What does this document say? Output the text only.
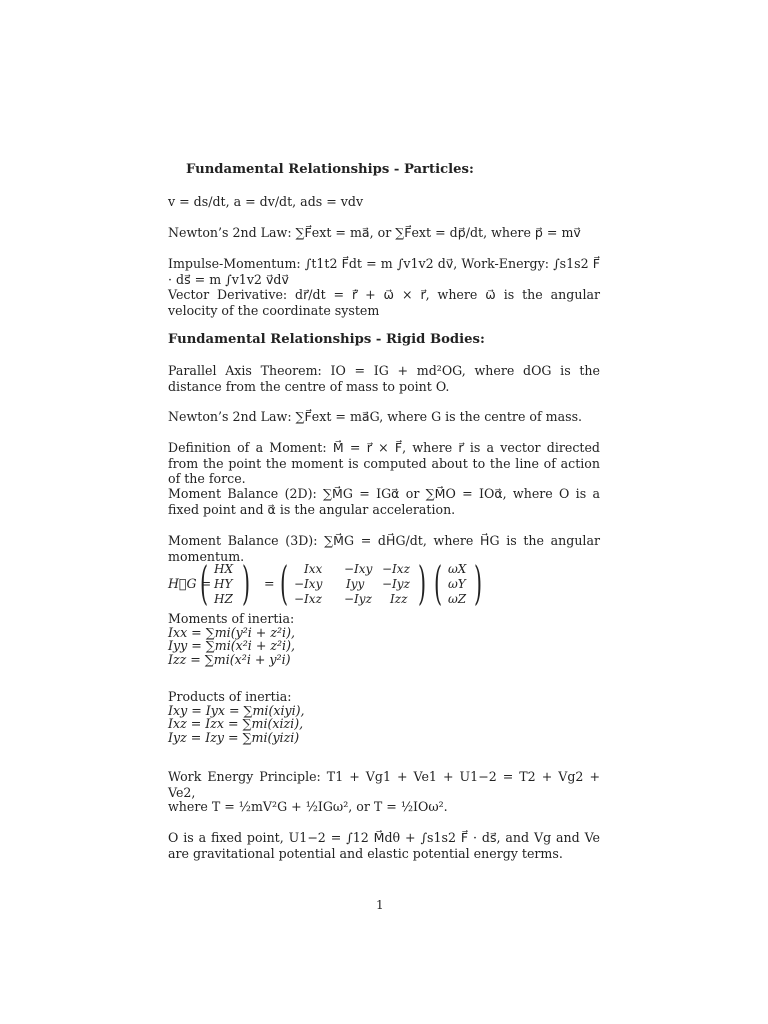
Fundamental Relationships - Particles:
v = ds/dt, a = dv/dt, ads = vdv
Newton’s 2nd Law: ∑F⃗ext = ma⃗, or ∑F⃗ext = dp⃗/dt, where p⃗ = mv⃗
Impulse-Momentum: ∫t1t2 F⃗dt = m ∫v1v2 dv⃗, Work-Energy: ∫s1s2 F⃗ · ds⃗ = m ∫v1v2 v⃗dv⃗
Vector Derivative: dr⃗/dt = r⃗̇ + ω⃗ × r⃗, where ω⃗ is the angular velocity of the coordinate system
Fundamental Relationships - Rigid Bodies:
Parallel Axis Theorem: IO = IG + md²OG, where dOG is the distance from the centre of mass to point O.
Newton’s 2nd Law: ∑F⃗ext = ma⃗G, where G is the centre of mass.
Definition of a Moment: M⃗ = r⃗ × F⃗, where r⃗ is a vector directed from the point the moment is computed about to the line of action of the force.
Moment Balance (2D): ∑M⃗G = IGα⃗ or ∑M⃗O = IOα⃗, where O is a fixed point and α⃗ is the angular acceleration.
Moment Balance (3D): ∑M⃗G = dH⃗G/dt, where H⃗G is the angular momentum.
H⃗G =
( HX
HY
HZ ) = ( Ixx −Ixy −Ixz
−Ixy Iyy −Iyz
−Ixz −Iyz Izz ) ( ωX
ωY
ωZ )
Moments of inertia:
Ixx = ∑mi(y²i + z²i),
Iyy = ∑mi(x²i + z²i),
Izz = ∑mi(x²i + y²i)
Products of inertia:
Ixy = Iyx = ∑mi(xiyi),
Ixz = Izx = ∑mi(xizi),
Iyz = Izy = ∑mi(yizi)
Work Energy Principle: T1 + Vg1 + Ve1 + U1−2 = T2 + Vg2 + Ve2,
where T = ½mV²G + ½IGω², or T = ½IOω².
O is a fixed point, U1−2 = ∫12 M⃗dθ + ∫s1s2 F⃗ · ds⃗, and Vg and Ve are gravitational potential and elastic potential energy terms.
1
